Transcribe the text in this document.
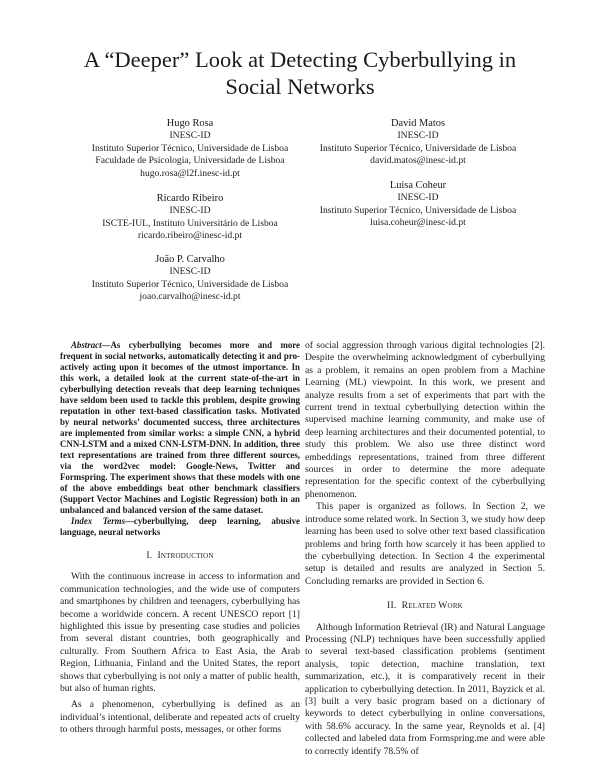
A “Deeper” Look at Detecting Cyberbullying in
Social Networks
Hugo Rosa
INESC-ID
Instituto Superior Técnico, Universidade de Lisboa
Faculdade de Psicologia, Universidade de Lisboa
hugo.rosa@l2f.inesc-id.pt
Ricardo Ribeiro
INESC-ID
ISCTE-IUL, Instituto Universitário de Lisboa
ricardo.ribeiro@inesc-id.pt
João P. Carvalho
INESC-ID
Instituto Superior Técnico, Universidade de Lisboa
joao.carvalho@inesc-id.pt
David Matos
INESC-ID
Instituto Superior Técnico, Universidade de Lisboa
david.matos@inesc-id.pt
Luisa Coheur
INESC-ID
Instituto Superior Técnico, Universidade de Lisboa
luisa.coheur@inesc-id.pt

Abstract—As cyberbullying becomes more and more frequent in social networks, automatically detecting it and pro-actively acting upon it becomes of the utmost importance. In this work, a detailed look at the current state-of-the-art in cyberbullying detection reveals that deep learning techniques have seldom been used to tackle this problem, despite growing reputation in other text-based classification tasks. Motivated by neural networks’ documented success, three architectures are implemented from similar works: a simple CNN, a hybrid CNN-LSTM and a mixed CNN-LSTM-DNN. In addition, three text representations are trained from three different sources, via the word2vec model: Google-News, Twitter and Formspring. The experiment shows that these models with one of the above embeddings beat other benchmark classifiers (Support Vector Machines and Logistic Regression) both in an unbalanced and balanced version of the same dataset.

Index Terms—cyberbullying, deep learning, abusive language, neural networks

I. Introduction

With the continuous increase in access to information and communication technologies, and the wide use of computers and smartphones by children and teenagers, cyberbullying has become a worldwide concern. A recent UNESCO report [1] highlighted this issue by presenting case studies and policies from several distant countries, both geographically and culturally. From Southern Africa to East Asia, the Arab Region, Lithuania, Finland and the United States, the report shows that cyberbullying is not only a matter of public health, but also of human rights.

As a phenomenon, cyberbullying is defined as an individual’s intentional, deliberate and repeated acts of cruelty to others through harmful posts, messages, or other forms

of social aggression through various digital technologies [2]. Despite the overwhelming acknowledgment of cyberbullying as a problem, it remains an open problem from a Machine Learning (ML) viewpoint. In this work, we present and analyze results from a set of experiments that part with the current trend in textual cyberbullying detection within the supervised machine learning community, and make use of deep learning architectures and their documented potential, to study this problem. We also use three distinct word embeddings representations, trained from three different sources in order to determine the more adequate representation for the specific context of the cyberbullying phenomenon.

This paper is organized as follows. In Section 2, we introduce some related work. In Section 3, we study how deep learning has been used to solve other text based classification problems and bring forth how scarcely it has been applied to the cyberbullying detection. In Section 4 the experimental setup is detailed and results are analyzed in Section 5. Concluding remarks are provided in Section 6.

II. Related Work

Although Information Retrieval (IR) and Natural Language Processing (NLP) techniques have been successfully applied to several text-based classification problems (sentiment analysis, topic detection, machine translation, text summarization, etc.), it is comparatively recent in their application to cyberbullying detection. In 2011, Bayzick et al. [3] built a very basic program based on a dictionary of keywords to detect cyberbullying in online conversations, with 58.6% accuracy. In the same year, Reynolds et al. [4] collected and labeled data from Formspring.me and were able to correctly identify 78.5% of
